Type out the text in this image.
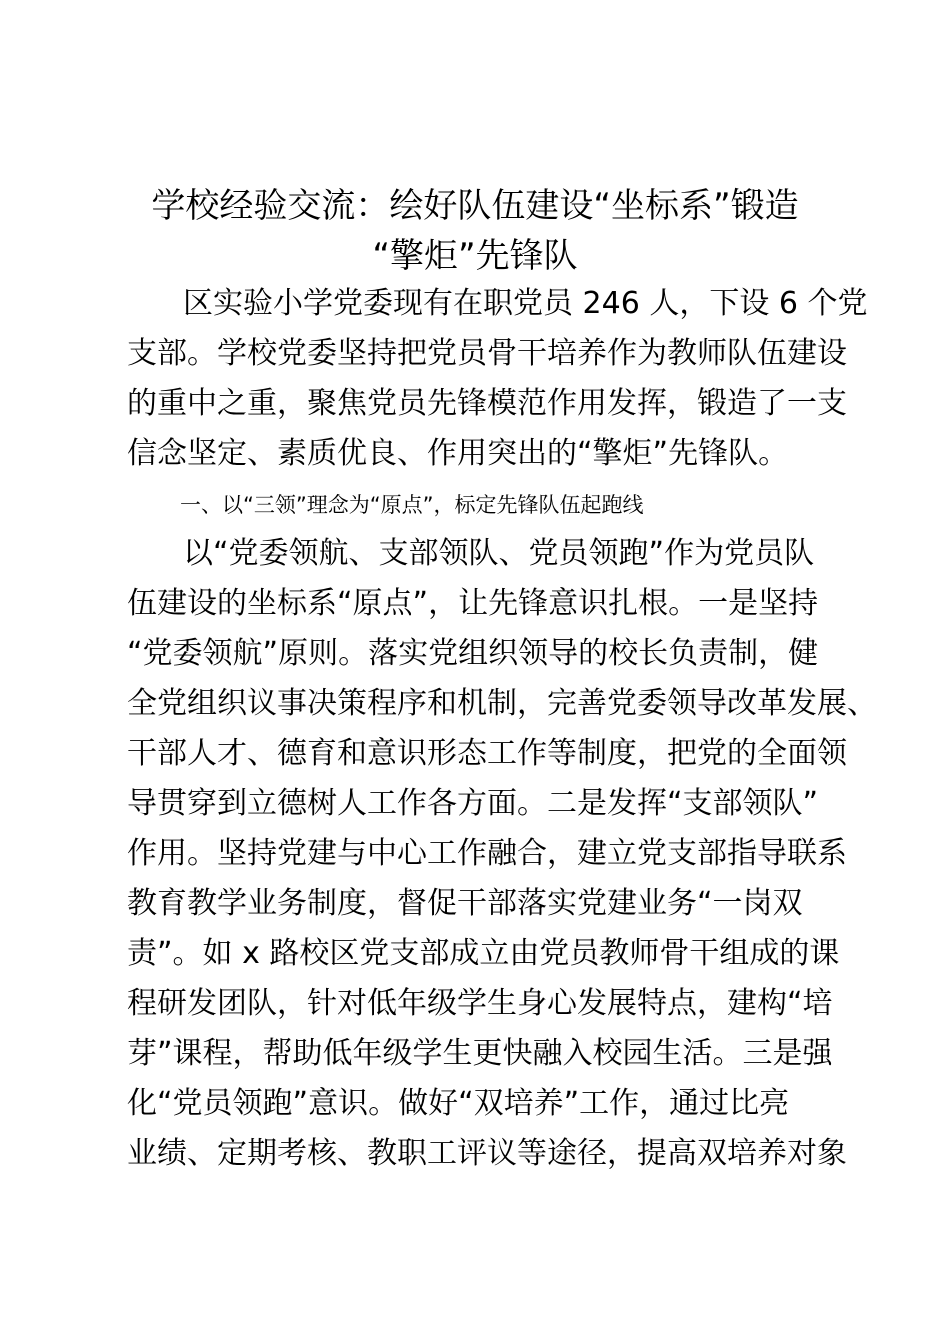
学校经验交流：绘好队伍建设“坐标系”锻造
“擎炬”先锋队
区实验小学党委现有在职党员 246 人，下设 6 个党
支部。学校党委坚持把党员骨干培养作为教师队伍建设
的重中之重，聚焦党员先锋模范作用发挥，锻造了一支
信念坚定、素质优良、作用突出的“擎炬”先锋队。
一、以“三领”理念为“原点”，标定先锋队伍起跑线
以“党委领航、支部领队、党员领跑”作为党员队
伍建设的坐标系“原点”，让先锋意识扎根。一是坚持
“党委领航”原则。落实党组织领导的校长负责制，健
全党组织议事决策程序和机制，完善党委领导改革发展、
干部人才、德育和意识形态工作等制度，把党的全面领
导贯穿到立德树人工作各方面。二是发挥“支部领队”
作用。坚持党建与中心工作融合，建立党支部指导联系
教育教学业务制度，督促干部落实党建业务“一岗双
责”。如 x 路校区党支部成立由党员教师骨干组成的课
程研发团队，针对低年级学生身心发展特点，建构“培
芽”课程，帮助低年级学生更快融入校园生活。三是强
化“党员领跑”意识。做好“双培养”工作，通过比亮
业绩、定期考核、教职工评议等途径，提高双培养对象
